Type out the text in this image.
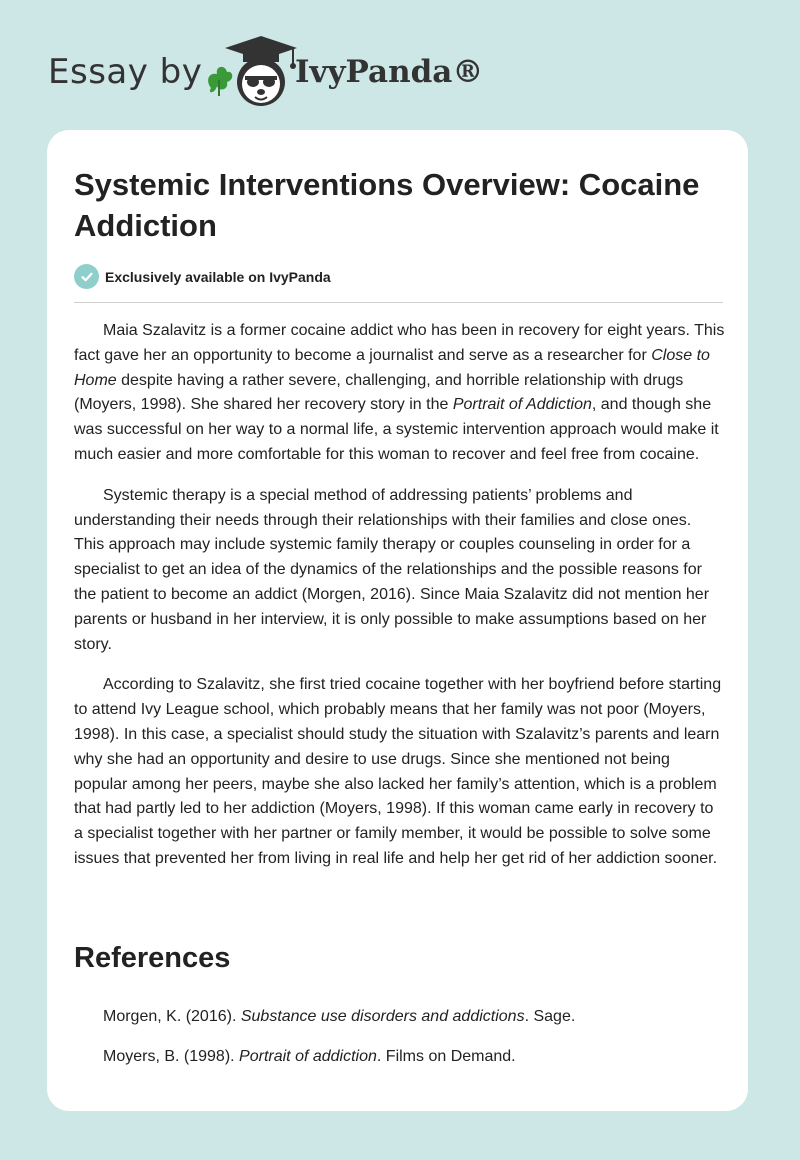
Essay by	IvyPanda®
Systemic Interventions Overview: Cocaine Addiction
Exclusively available on IvyPanda

Maia Szalavitz is a former cocaine addict who has been in recovery for eight years. This fact gave her an opportunity to become a journalist and serve as a researcher for Close to Home despite having a rather severe, challenging, and horrible relationship with drugs (Moyers, 1998). She shared her recovery story in the Portrait of Addiction, and though she was successful on her way to a normal life, a systemic intervention approach would make it much easier and more comfortable for this woman to recover and feel free from cocaine.

Systemic therapy is a special method of addressing patients’ problems and understanding their needs through their relationships with their families and close ones. This approach may include systemic family therapy or couples counseling in order for a specialist to get an idea of the dynamics of the relationships and the possible reasons for the patient to become an addict (Morgen, 2016). Since Maia Szalavitz did not mention her parents or husband in her interview, it is only possible to make assumptions based on her story.

According to Szalavitz, she first tried cocaine together with her boyfriend before starting to attend Ivy League school, which probably means that her family was not poor (Moyers, 1998). In this case, a specialist should study the situation with Szalavitz’s parents and learn why she had an opportunity and desire to use drugs. Since she mentioned not being popular among her peers, maybe she also lacked her family’s attention, which is a problem that had partly led to her addiction (Moyers, 1998). If this woman came early in recovery to a specialist together with her partner or family member, it would be possible to solve some issues that prevented her from living in real life and help her get rid of her addiction sooner.

References
Morgen, K. (2016). Substance use disorders and addictions. Sage.
Moyers, B. (1998). Portrait of addiction. Films on Demand.
